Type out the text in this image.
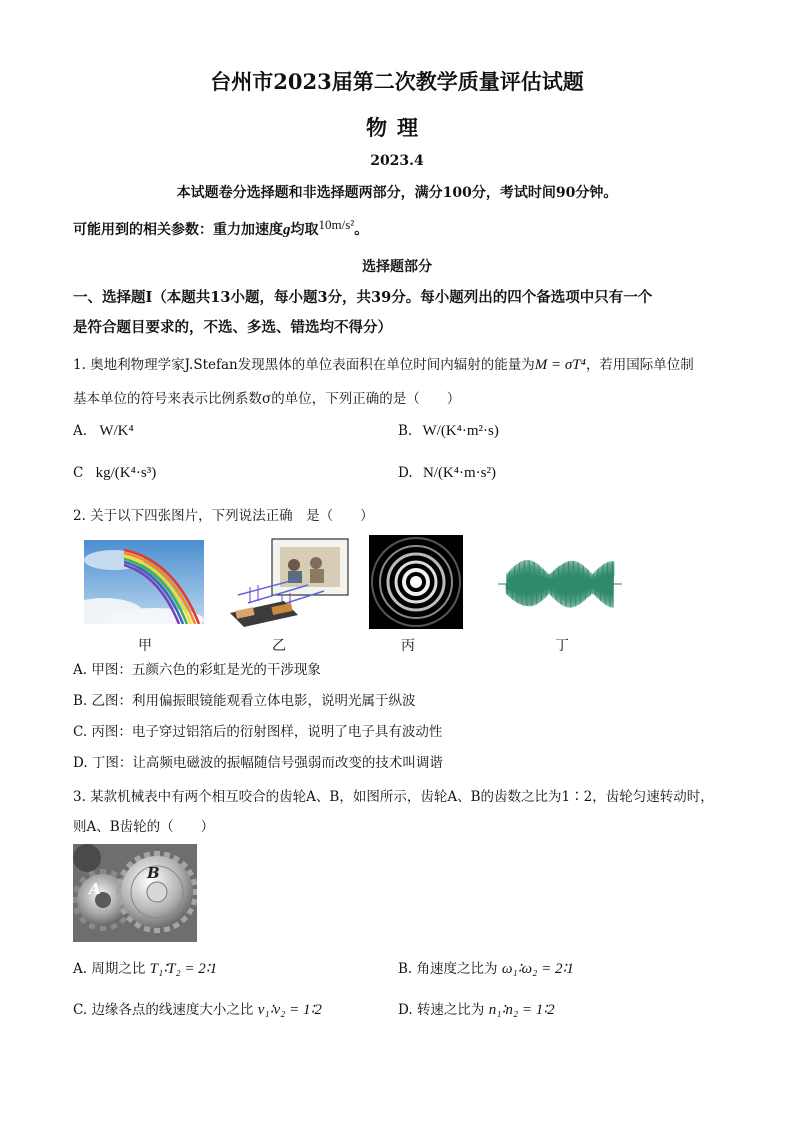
台州市2023届第二次教学质量评估试题
物理
2023.4
本试题卷分选择题和非选择题两部分，满分100分，考试时间90分钟。
可能用到的相关参数：重力加速度g均取10m/s²。
选择题部分
一、选择题Ⅰ（本题共13小题，每小题3分，共39分。每小题列出的四个备选项中只有一个
是符合题目要求的，不选、多选、错选均不得分）
1. 奥地利物理学家J.Stefan发现黑体的单位表面积在单位时间内辐射的能量为M = σT⁴，若用国际单位制
基本单位的符号来表示比例系数σ的单位，下列正确的是（　　）
A. W/K⁴	B. W/(K⁴·m²·s)
C kg/(K⁴·s³)	D. N/(K⁴·m·s²)
2. 关于以下四张图片，下列说法正确　是（　　）
甲	乙	丙	丁
A. 甲图：五颜六色的彩虹是光的干涉现象
B. 乙图：利用偏振眼镜能观看立体电影，说明光属于纵波
C. 丙图：电子穿过铝箔后的衍射图样，说明了电子具有波动性
D. 丁图：让高频电磁波的振幅随信号强弱而改变的技术叫调谐
3. 某款机械表中有两个相互咬合的齿轮A、B，如图所示，齿轮A、B的齿数之比为1∶2，齿轮匀速转动时，
则A、B齿轮的（　　）
A
B
A. 周期之比 T₁∶T₂ = 2∶1	B. 角速度之比为 ω₁∶ω₂ = 2∶1
C. 边缘各点的线速度大小之比 v₁∶v₂ = 1∶2	D. 转速之比为 n₁∶n₂ = 1∶2
